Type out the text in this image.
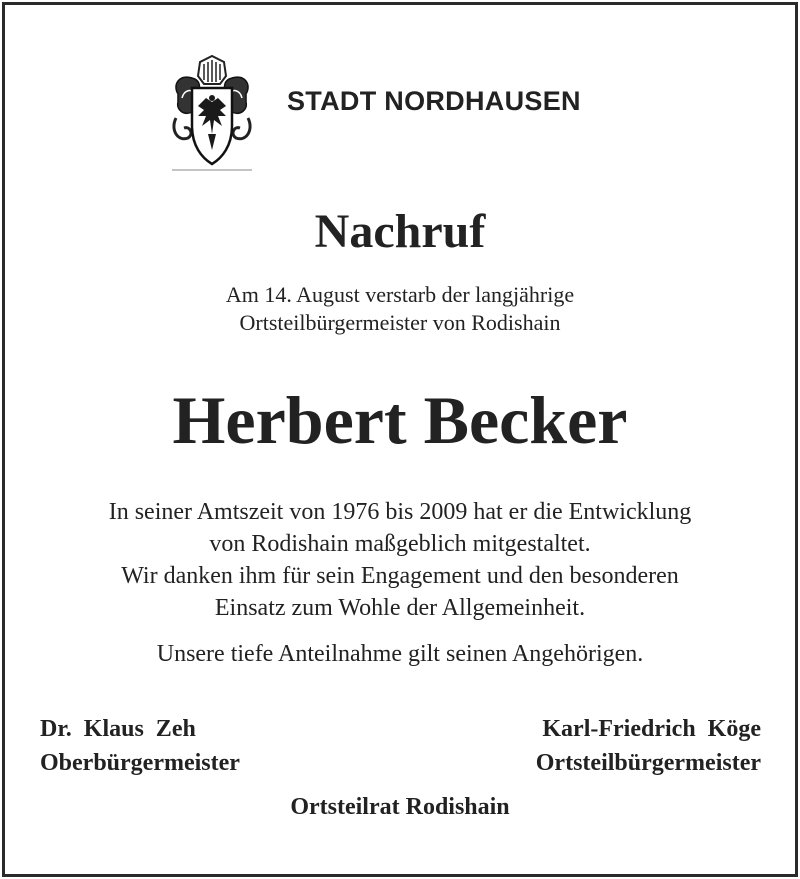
STADT NORDHAUSEN
Nachruf
Am 14. August verstarb der langjährige
Ortsteilbürgermeister von Rodishain
Herbert Becker
In seiner Amtszeit von 1976 bis 2009 hat er die Entwicklung
von Rodishain maßgeblich mitgestaltet.
Wir danken ihm für sein Engagement und den besonderen
Einsatz zum Wohle der Allgemeinheit.
Unsere tiefe Anteilnahme gilt seinen Angehörigen.
Dr.  Klaus  Zeh
Oberbürgermeister
Karl-Friedrich  Köge
Ortsteilbürgermeister
Ortsteilrat Rodishain
